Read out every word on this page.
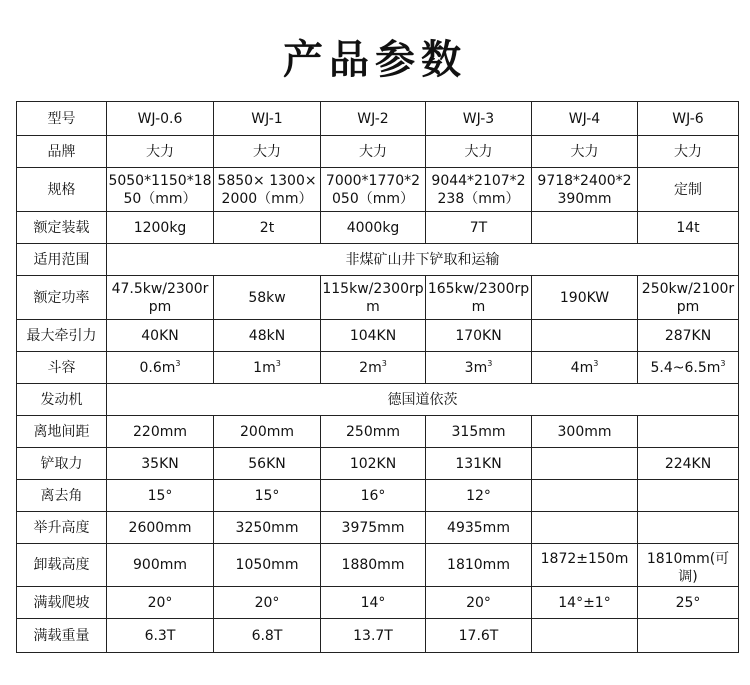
产品参数
型号	WJ-0.6	WJ-1	WJ-2	WJ-3	WJ-4	WJ-6
品牌	大力	大力	大力	大力	大力	大力
规格	5050*1150*1850（mm）	5850× 1300×2000（mm）	7000*1770*2050（mm）	9044*2107*2238（mm）	9718*2400*2390mm	定制
额定装载	1200kg	2t	4000kg	7T		14t
适用范围	非煤矿山井下铲取和运输					
额定功率	47.5kw/2300rpm	58kw	115kw/2300rpm	165kw/2300rpm	190KW	250kw/2100rpm
最大牵引力	40KN	48kN	104KN	170KN		287KN
斗容	$0.6m^3$	$1m^3$	$2m^3$	$3m^3$	$4m^3$	$5.4\sim 6.5m^3$
发动机	德国道依茨					
离地间距	220mm	200mm	250mm	315mm	300mm	
铲取力	35KN	56KN	102KN	131KN		224KN
离去角	15°	15°	16°	12°		
举升高度	2600mm	3250mm	3975mm	4935mm		
卸载高度	900mm	1050mm	1880mm	1810mm	1872±150m	1810mm(可调)
满载爬坡	20°	20°	14°	20°	14°±1°	25°
满载重量	6.3T	6.8T	13.7T	17.6T		
